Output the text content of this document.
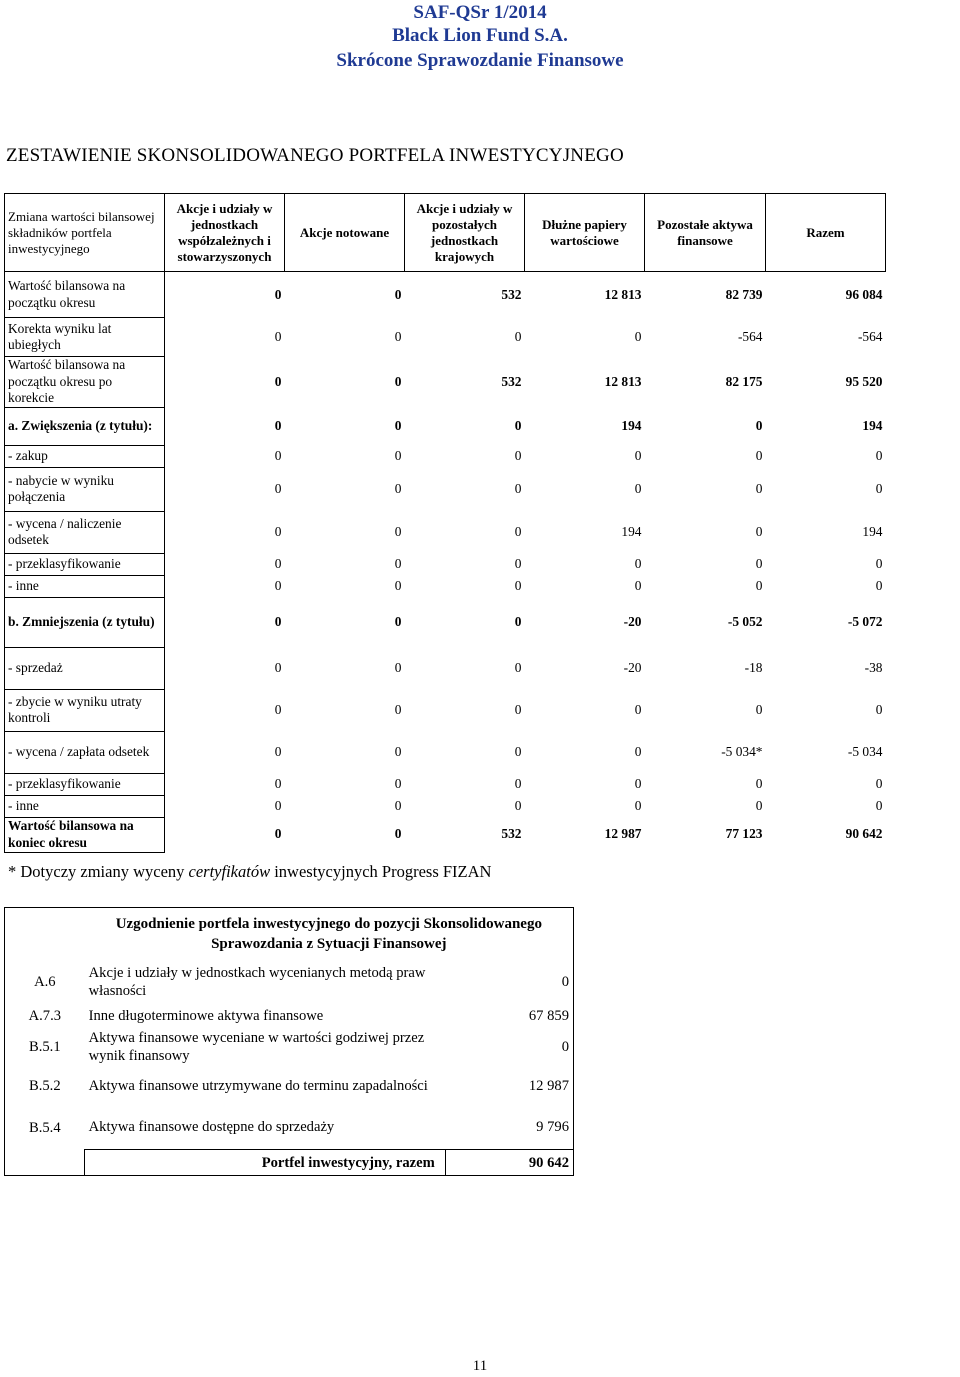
SAF-QSr 1/2014
Black Lion Fund S.A.
Skrócone Sprawozdanie Finansowe
ZESTAWIENIE SKONSOLIDOWANEGO PORTFELA INWESTYCYJNEGO
Zmiana wartości bilansowej składników portfela inwestycyjnego	Akcje i udziały w jednostkach współzależnych i stowarzyszonych	Akcje notowane	Akcje i udziały w pozostałych jednostkach krajowych	Dłużne papiery wartościowe	Pozostałe aktywa finansowe	Razem
Wartość bilansowa na początku okresu	0	0	532	12 813	82 739	96 084
Korekta wyniku lat ubiegłych	0	0	0	0	-564	-564
Wartość bilansowa na początku okresu po korekcie	0	0	532	12 813	82 175	95 520
a. Zwiększenia (z tytułu):	0	0	0	194	0	194
- zakup	0	0	0	0	0	0
- nabycie w wyniku połączenia	0	0	0	0	0	0
- wycena / naliczenie odsetek	0	0	0	194	0	194
- przeklasyfikowanie	0	0	0	0	0	0
- inne	0	0	0	0	0	0
b. Zmniejszenia (z tytułu)	0	0	0	-20	-5 052	-5 072
- sprzedaż	0	0	0	-20	-18	-38
- zbycie w wyniku utraty kontroli	0	0	0	0	0	0
- wycena / zapłata odsetek	0	0	0	0	-5 034*	-5 034
- przeklasyfikowanie	0	0	0	0	0	0
- inne	0	0	0	0	0	0
Wartość bilansowa na koniec okresu	0	0	532	12 987	77 123	90 642
* Dotyczy zmiany wyceny certyfikatów inwestycyjnych Progress FIZAN
	Uzgodnienie portfela inwestycyjnego do pozycji Skonsolidowanego Sprawozdania z Sytuacji Finansowej	
A.6	Akcje i udziały w jednostkach wycenianych metodą praw własności	0
A.7.3	Inne długoterminowe aktywa finansowe	67 859
B.5.1	Aktywa finansowe wyceniane w wartości godziwej przez wynik finansowy	0
B.5.2	Aktywa finansowe utrzymywane do terminu zapadalności	12 987
B.5.4	Aktywa finansowe dostępne do sprzedaży	9 796
	Portfel inwestycyjny, razem	90 642
11
